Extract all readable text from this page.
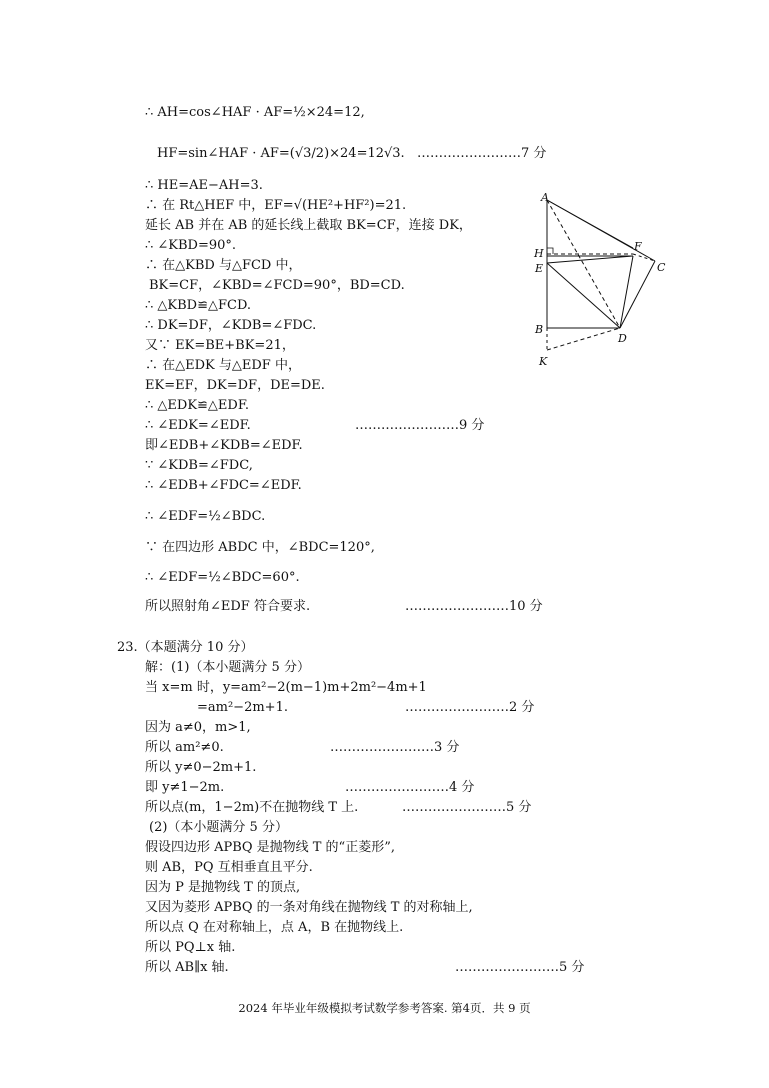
∴ AH=cos∠HAF · AF=½×24=12,
HF=sin∠HAF · AF=(√3/2)×24=12√3.
∴ HE=AE−AH=3.
∴ 在 Rt△HEF 中，EF=√(HE²+HF²)=21.
延长 AB 并在 AB 的延长线上截取 BK=CF，连接 DK，
∴ ∠KBD=90°.
∴ 在△KBD 与△FCD 中，
BK=CF，∠KBD=∠FCD=90°，BD=CD.
∴ △KBD≌△FCD.
∴ DK=DF，∠KDB=∠FDC.
又∵ EK=BE+BK=21，
∴ 在△EDK 与△EDF 中，
EK=EF，DK=DF，DE=DE.
∴ △EDK≌△EDF.
∴ ∠EDK=∠EDF.
即∠EDB+∠KDB=∠EDF.
∵ ∠KDB=∠FDC,
∴ ∠EDB+∠FDC=∠EDF.
∴ ∠EDF=½∠BDC.
∵ 在四边形 ABDC 中，∠BDC=120°,
∴ ∠EDF=½∠BDC=60°.
所以照射角∠EDF 符合要求.
23.（本题满分 10 分）
解：(1)（本小题满分 5 分）
当 x=m 时，y=am²−2(m−1)m+2m²−4m+1
=am²−2m+1.
因为 a≠0，m>1,
所以 am²≠0.
所以 y≠0−2m+1.
即 y≠1−2m.
所以点(m，1−2m)不在抛物线 T 上.
(2)（本小题满分 5 分）
假设四边形 APBQ 是抛物线 T 的“正菱形”,
则 AB，PQ 互相垂直且平分.
因为 P 是抛物线 T 的顶点,
又因为菱形 APBQ 的一条对角线在抛物线 T 的对称轴上,
所以点 Q 在对称轴上，点 A，B 在抛物线上.
所以 PQ⊥x 轴.
所以 AB∥x 轴.
……………………7 分
……………………9 分
……………………10 分
……………………2 分
……………………3 分
……………………4 分
……………………5 分
……………………5 分
A
H
E
B
K
F
C
D
2024 年毕业年级模拟考试数学参考答案. 第4页．共 9 页
